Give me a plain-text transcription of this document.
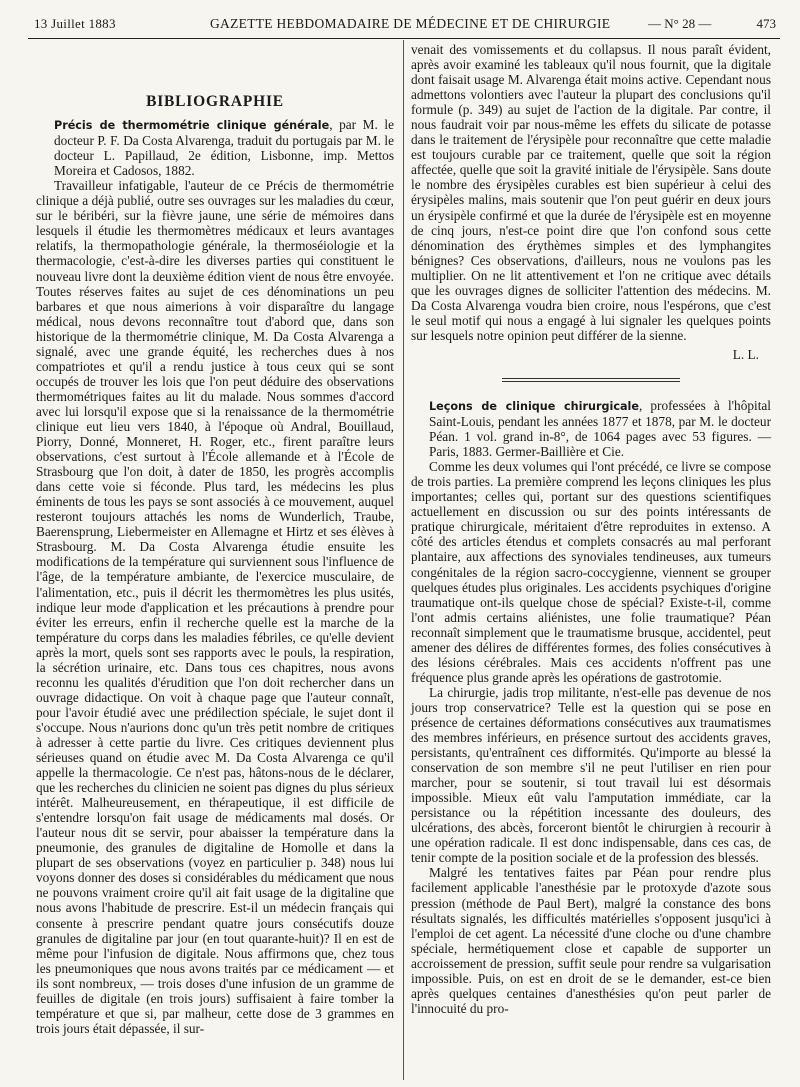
13 Juillet 1883	GAZETTE HEBDOMADAIRE DE MÉDECINE ET DE CHIRURGIE	— N° 28 —	473
BIBLIOGRAPHIE

Précis de thermométrie clinique générale, par M. le docteur P. F. Da Costa Alvarenga, traduit du portugais par M. le docteur L. Papillaud, 2e édition, Lisbonne, imp. Mettos Moreira et Cadosos, 1882.

Travailleur infatigable, l'auteur de ce Précis de thermométrie clinique a déjà publié, outre ses ouvrages sur les maladies du cœur, sur le béribéri, sur la fièvre jaune, une série de mémoires dans lesquels il étudie les thermomètres médicaux et leurs avantages relatifs, la thermopathologie générale, la thermoséiologie et la thermacologie, c'est-à-dire les diverses parties qui constituent le nouveau livre dont la deuxième édition vient de nous être envoyée. Toutes réserves faites au sujet de ces dénominations un peu barbares et que nous aimerions à voir disparaître du langage médical, nous devons reconnaître tout d'abord que, dans son historique de la thermométrie clinique, M. Da Costa Alvarenga a signalé, avec une grande équité, les recherches dues à nos compatriotes et qu'il a rendu justice à tous ceux qui se sont occupés de trouver les lois que l'on peut déduire des observations thermométriques faites au lit du malade. Nous sommes d'accord avec lui lorsqu'il expose que si la renaissance de la thermométrie clinique eut lieu vers 1840, à l'époque où Andral, Bouillaud, Piorry, Donné, Monneret, H. Roger, etc., firent paraître leurs observations, c'est surtout à l'École allemande et à l'École de Strasbourg que l'on doit, à dater de 1850, les progrès accomplis dans cette voie si féconde. Plus tard, les médecins les plus éminents de tous les pays se sont associés à ce mouvement, auquel resteront toujours attachés les noms de Wunderlich, Traube, Baerensprung, Liebermeister en Allemagne et Hirtz et ses élèves à Strasbourg. M. Da Costa Alvarenga étudie ensuite les modifications de la température qui surviennent sous l'influence de l'âge, de la température ambiante, de l'exercice musculaire, de l'alimentation, etc., puis il décrit les thermomètres les plus usités, indique leur mode d'application et les précautions à prendre pour éviter les erreurs, enfin il recherche quelle est la marche de la température du corps dans les maladies fébriles, ce qu'elle devient après la mort, quels sont ses rapports avec le pouls, la respiration, la sécrétion urinaire, etc. Dans tous ces chapitres, nous avons reconnu les qualités d'érudition que l'on doit rechercher dans un ouvrage didactique. On voit à chaque page que l'auteur connaît, pour l'avoir étudié avec une prédilection spéciale, le sujet dont il s'occupe. Nous n'aurions donc qu'un très petit nombre de critiques à adresser à cette partie du livre. Ces critiques deviennent plus sérieuses quand on étudie avec M. Da Costa Alvarenga ce qu'il appelle la thermacologie. Ce n'est pas, hâtons-nous de le déclarer, que les recherches du clinicien ne soient pas dignes du plus sérieux intérêt. Malheureusement, en thérapeutique, il est difficile de s'entendre lorsqu'on fait usage de médicaments mal dosés. Or l'auteur nous dit se servir, pour abaisser la température dans la pneumonie, des granules de digitaline de Homolle et dans la plupart de ses observations (voyez en particulier p. 348) nous lui voyons donner des doses si considérables du médicament que nous ne pouvons vraiment croire qu'il ait fait usage de la digitaline que nous avons l'habitude de prescrire. Est-il un médecin français qui consente à prescrire pendant quatre jours consécutifs douze granules de digitaline par jour (en tout quarante-huit)? Il en est de même pour l'infusion de digitale. Nous affirmons que, chez tous les pneumoniques que nous avons traités par ce médicament — et ils sont nombreux, — trois doses d'une infusion de un gramme de feuilles de digitale (en trois jours) suffisaient à faire tomber la température et que si, par malheur, cette dose de 3 grammes en trois jours était dépassée, il sur-

venait des vomissements et du collapsus. Il nous paraît évident, après avoir examiné les tableaux qu'il nous fournit, que la digitale dont faisait usage M. Alvarenga était moins active. Cependant nous admettons volontiers avec l'auteur la plupart des conclusions qu'il formule (p. 349) au sujet de l'action de la digitale. Par contre, il nous faudrait voir par nous-même les effets du silicate de potasse dans le traitement de l'érysipèle pour reconnaître que cette maladie est toujours curable par ce traitement, quelle que soit la région affectée, quelle que soit la gravité initiale de l'érysipèle. Sans doute le nombre des érysipèles curables est bien supérieur à celui des érysipèles malins, mais soutenir que l'on peut guérir en deux jours un érysipèle confirmé et que la durée de l'érysipèle est en moyenne de cinq jours, n'est-ce point dire que l'on confond sous cette dénomination des érythèmes simples et des lymphangites bénignes? Ces observations, d'ailleurs, nous ne voulons pas les multiplier. On ne lit attentivement et l'on ne critique avec détails que les ouvrages dignes de solliciter l'attention des médecins. M. Da Costa Alvarenga voudra bien croire, nous l'espérons, que c'est le seul motif qui nous a engagé à lui signaler les quelques points sur lesquels notre opinion peut différer de la sienne.

L. L.

Leçons de clinique chirurgicale, professées à l'hôpital Saint-Louis, pendant les années 1877 et 1878, par M. le docteur Péan. 1 vol. grand in-8°, de 1064 pages avec 53 figures. — Paris, 1883. Germer-Baillière et Cie.

Comme les deux volumes qui l'ont précédé, ce livre se compose de trois parties. La première comprend les leçons cliniques les plus importantes; celles qui, portant sur des questions scientifiques actuellement en discussion ou sur des points intéressants de pratique chirurgicale, méritaient d'être reproduites in extenso. A côté des articles étendus et complets consacrés au mal perforant plantaire, aux affections des synoviales tendineuses, aux tumeurs congénitales de la région sacro-coccygienne, viennent se grouper quelques études plus originales. Les accidents psychiques d'origine traumatique ont-ils quelque chose de spécial? Existe-t-il, comme l'ont admis certains aliénistes, une folie traumatique? Péan reconnaît simplement que le traumatisme brusque, accidentel, peut amener des délires de différentes formes, des folies consécutives à des lésions cérébrales. Mais ces accidents n'offrent pas une fréquence plus grande après les opérations de gastrotomie.

La chirurgie, jadis trop militante, n'est-elle pas devenue de nos jours trop conservatrice? Telle est la question qui se pose en présence de certaines déformations consécutives aux traumatismes des membres inférieurs, en présence surtout des accidents graves, persistants, qu'entraînent ces difformités. Qu'importe au blessé la conservation de son membre s'il ne peut l'utiliser en rien pour marcher, pour se soutenir, si tout travail lui est désormais impossible. Mieux eût valu l'amputation immédiate, car la persistance ou la répétition incessante des douleurs, des ulcérations, des abcès, forceront bientôt le chirurgien à recourir à une opération radicale. Il est donc indispensable, dans ces cas, de tenir compte de la position sociale et de la profession des blessés.

Malgré les tentatives faites par Péan pour rendre plus facilement applicable l'anesthésie par le protoxyde d'azote sous pression (méthode de Paul Bert), malgré la constance des bons résultats signalés, les difficultés matérielles s'opposent jusqu'ici à l'emploi de cet agent. La nécessité d'une cloche ou d'une chambre spéciale, hermétiquement close et capable de supporter un accroissement de pression, suffit seule pour rendre sa vulgarisation impossible. Puis, on est en droit de se le demander, est-ce bien après quelques centaines d'anesthésies qu'on peut parler de l'innocuité du pro-
